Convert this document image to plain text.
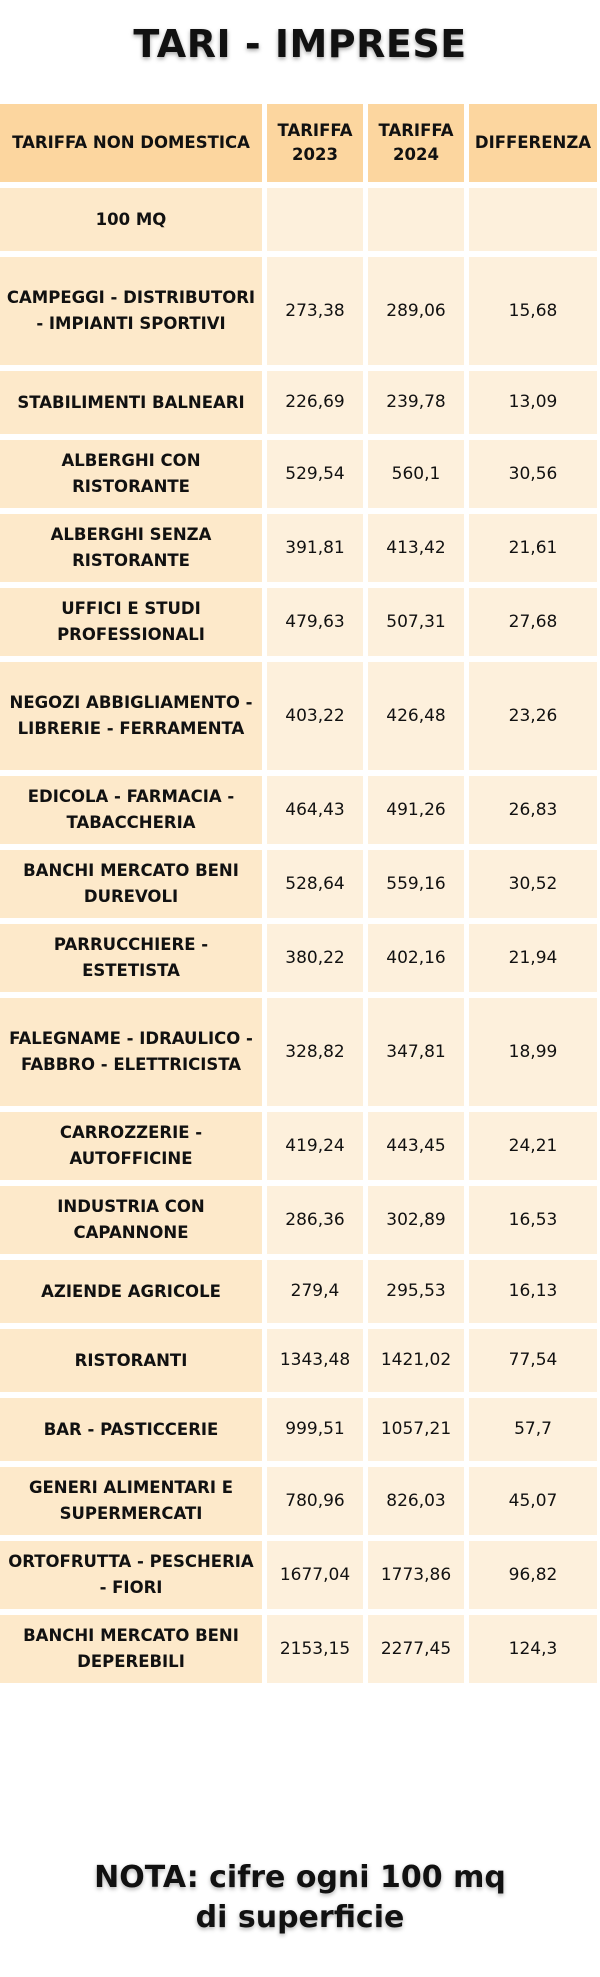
TARI - IMPRESE
TARIFFA NON DOMESTICA	TARIFFA 2023	TARIFFA 2024	DIFFERENZA
100 MQ			
CAMPEGGI - DISTRIBUTORI - IMPIANTI SPORTIVI	273,38	289,06	15,68
STABILIMENTI BALNEARI	226,69	239,78	13,09
ALBERGHI CON RISTORANTE	529,54	560,1	30,56
ALBERGHI SENZA RISTORANTE	391,81	413,42	21,61
UFFICI E STUDI PROFESSIONALI	479,63	507,31	27,68
NEGOZI ABBIGLIAMENTO - LIBRERIE - FERRAMENTA	403,22	426,48	23,26
EDICOLA - FARMACIA - TABACCHERIA	464,43	491,26	26,83
BANCHI MERCATO BENI DUREVOLI	528,64	559,16	30,52
PARRUCCHIERE - ESTETISTA	380,22	402,16	21,94
FALEGNAME - IDRAULICO - FABBRO - ELETTRICISTA	328,82	347,81	18,99
CARROZZERIE - AUTOFFICINE	419,24	443,45	24,21
INDUSTRIA CON CAPANNONE	286,36	302,89	16,53
AZIENDE AGRICOLE	279,4	295,53	16,13
RISTORANTI	1343,48	1421,02	77,54
BAR - PASTICCERIE	999,51	1057,21	57,7
GENERI ALIMENTARI E SUPERMERCATI	780,96	826,03	45,07
ORTOFRUTTA - PESCHERIA - FIORI	1677,04	1773,86	96,82
BANCHI MERCATO BENI DEPEREBILI	2153,15	2277,45	124,3
NOTA: cifre ogni 100 mq
di superficie
